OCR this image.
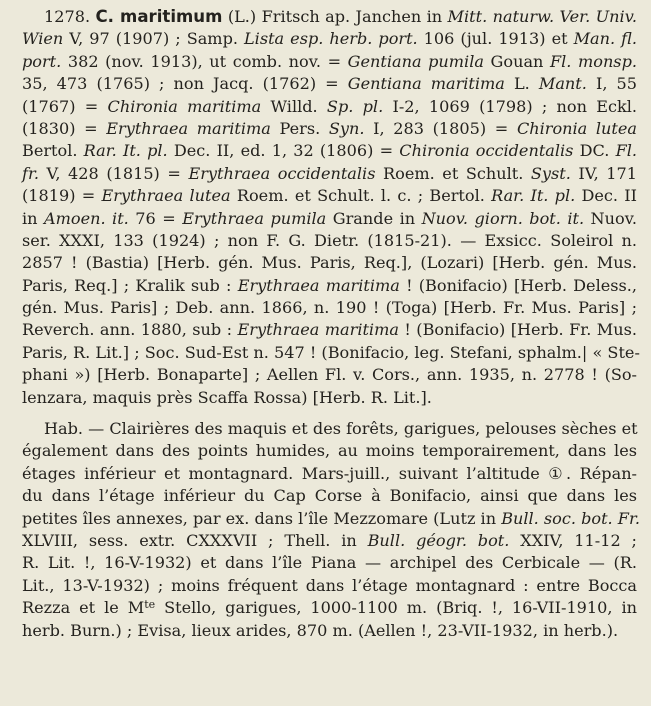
1278. C. maritimum (L.) Fritsch ap. Janchen in Mitt. naturw. Ver. Univ.
Wien V, 97 (1907) ; Samp. Lista esp. herb. port. 106 (jul. 1913) et Man. fl.
port. 382 (nov. 1913), ut comb. nov. = Gentiana pumila Gouan Fl. monsp.
35, 473 (1765) ; non Jacq. (1762) = Gentiana maritima L. Mant. I, 55
(1767) = Chironia maritima Willd. Sp. pl. I-2, 1069 (1798) ; non Eckl.
(1830) = Erythraea maritima Pers. Syn. I, 283 (1805) = Chironia lutea
Bertol. Rar. It. pl. Dec. II, ed. 1, 32 (1806) = Chironia occidentalis DC. Fl.
fr. V, 428 (1815) = Erythraea occidentalis Roem. et Schult. Syst. IV, 171
(1819) = Erythraea lutea Roem. et Schult. l. c. ; Bertol. Rar. It. pl. Dec. II
in Amoen. it. 76 = Erythraea pumila Grande in Nuov. giorn. bot. it. Nuov.
ser. XXXI, 133 (1924) ; non F. G. Dietr. (1815-21). — Exsicc. Soleirol n.
2857 ! (Bastia) [Herb. gén. Mus. Paris, Req.], (Lozari) [Herb. gén. Mus.
Paris, Req.] ; Kralik sub : Erythraea maritima ! (Bonifacio) [Herb. Deless.,
gén. Mus. Paris] ; Deb. ann. 1866, n. 190 ! (Toga) [Herb. Fr. Mus. Paris] ;
Reverch. ann. 1880, sub : Erythraea maritima ! (Bonifacio) [Herb. Fr. Mus.
Paris, R. Lit.] ; Soc. Sud-Est n. 547 ! (Bonifacio, leg. Stefani, sphalm.| « Ste-
phani ») [Herb. Bonaparte] ; Aellen Fl. v. Cors., ann. 1935, n. 2778 ! (So-
lenzara, maquis près Scaffa Rossa) [Herb. R. Lit.].
Hab. — Clairières des maquis et des forêts, garigues, pelouses sèches et
également dans des points humides, au moins temporairement, dans les
étages inférieur et montagnard. Mars-juill., suivant l’altitude ①. Répan-
du dans l’étage inférieur du Cap Corse à Bonifacio, ainsi que dans les
petites îles annexes, par ex. dans l’île Mezzomare (Lutz in Bull. soc. bot. Fr.
XLVIII, sess. extr. CXXXVII ; Thell. in Bull. géogr. bot. XXIV, 11-12 ;
R. Lit. !, 16-V-1932) et dans l’île Piana — archipel des Cerbicale — (R.
Lit., 13-V-1932) ; moins fréquent dans l’étage montagnard : entre Bocca
Rezza et le $M^{te}$ Stello, garigues, 1000-1100 m. (Briq. !, 16-VII-1910, in
herb. Burn.) ; Evisa, lieux arides, 870 m. (Aellen !, 23-VII-1932, in herb.).
